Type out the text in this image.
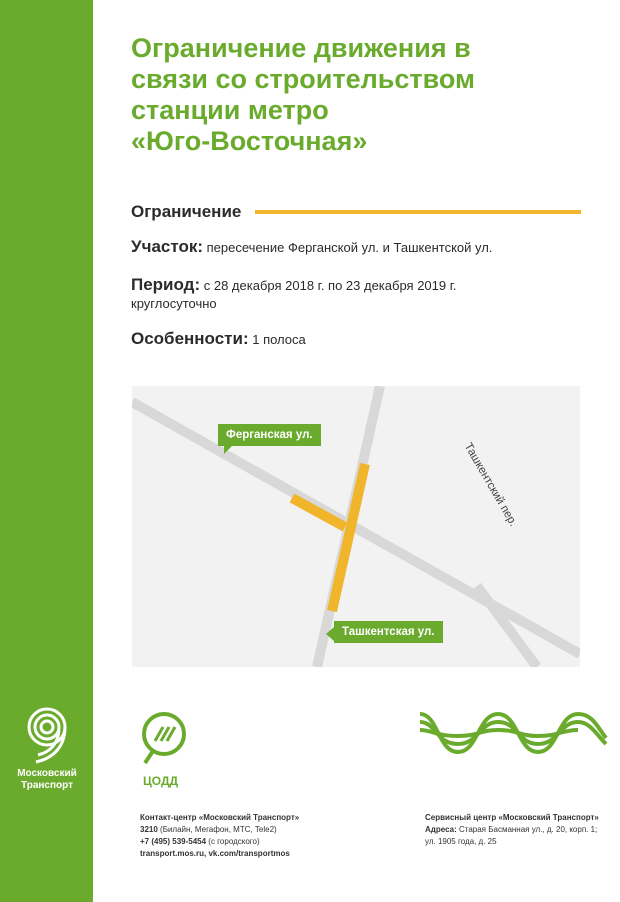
Московский Транспорт
Ограничение движения в
связи со строительством
станции метро
«Юго-Восточная»
Ограничение
Участок: пересечение Ферганской ул. и Ташкентской ул.
Период: с 28 декабря 2018 г. по 23 декабря 2019 г.
круглосуточно
Особенности: 1 полоса
Ферганская ул.
Ташкентская ул.
Ташкентский пер.
ЦОДД
Контакт-центр «Московский Транспорт»
3210 (Билайн, Мегафон, МТС, Tele2)
+7 (495) 539-5454 (с городского)
transport.mos.ru, vk.com/transportmos
Сервисный центр «Московский Транспорт»
Адреса: Старая Басманная ул., д. 20, корп. 1;
ул. 1905 года, д. 25
